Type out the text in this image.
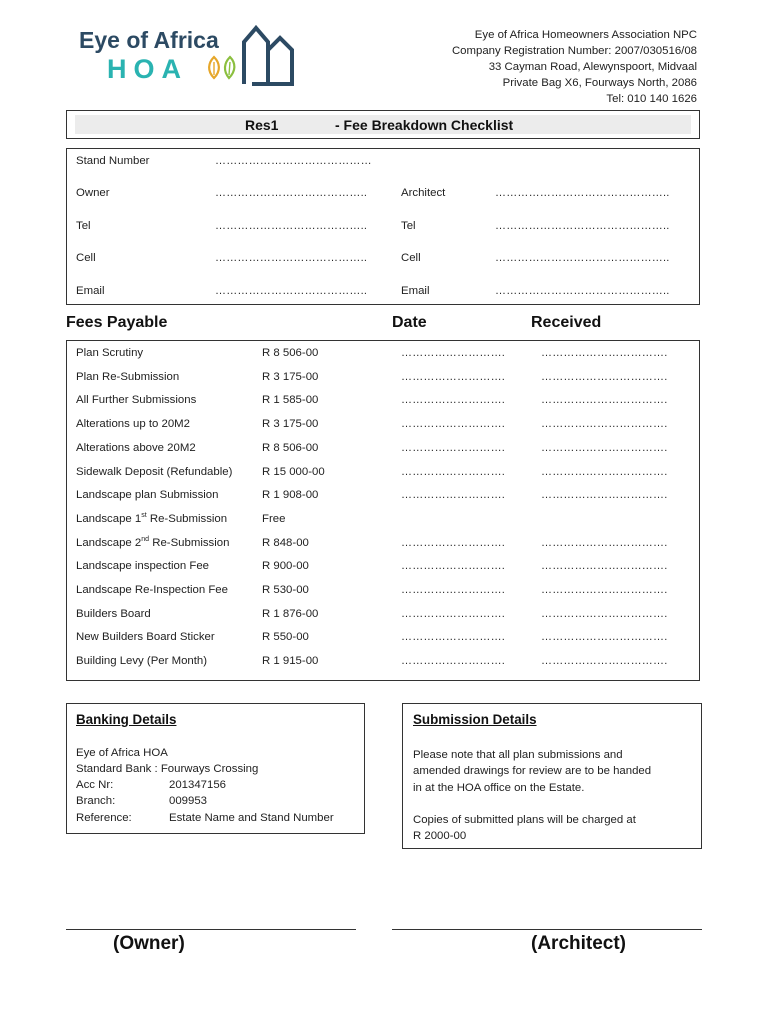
Eye of Africa
HOA
Eye of Africa Homeowners Association NPC
Company Registration Number: 2007/030516/08
33 Cayman Road, Alewynspoort, Midvaal
Private Bag X6, Fourways North, 2086
Tel: 010 140 1626
Res1	- Fee Breakdown Checklist
Stand Number	……………………………………
Owner	…………………………………..	Architect	………………………………………..
Tel	…………………………………..	Tel	………………………………………..
Cell	…………………………………..	Cell	………………………………………..
Email	…………………………………..	Email	………………………………………..
Fees Payable	Date	Received
Plan Scrutiny	R 8 506-00	……………………….	…………………………….
Plan Re-Submission	R 3 175-00	……………………….	…………………………….
All Further Submissions	R 1 585-00	……………………….	…………………………….
Alterations up to 20M2	R 3 175-00	……………………….	…………………………….
Alterations above 20M2	R 8 506-00	……………………….	…………………………….
Sidewalk Deposit (Refundable)	R 15 000-00	……………………….	…………………………….
Landscape plan Submission	R 1 908-00	……………………….	…………………………….
Landscape 1st Re-Submission	Free
Landscape 2nd Re-Submission	R 848-00	……………………….	…………………………….
Landscape inspection Fee	R 900-00	……………………….	…………………………….
Landscape Re-Inspection Fee	R 530-00	……………………….	…………………………….
Builders Board	R 1 876-00	……………………….	…………………………….
New Builders Board Sticker	R 550-00	……………………….	…………………………….
Building Levy (Per Month)	R 1 915-00	……………………….	…………………………….
Banking Details
Eye of Africa HOA
Standard Bank : Fourways Crossing
Acc Nr:	201347156
Branch:	009953
Reference:	Estate Name and Stand Number
Submission Details
Please note that all plan submissions and
amended drawings for review are to be handed
in at the HOA office on the Estate.
Copies of submitted plans will be charged at
R 2000-00
(Owner)	(Architect)
